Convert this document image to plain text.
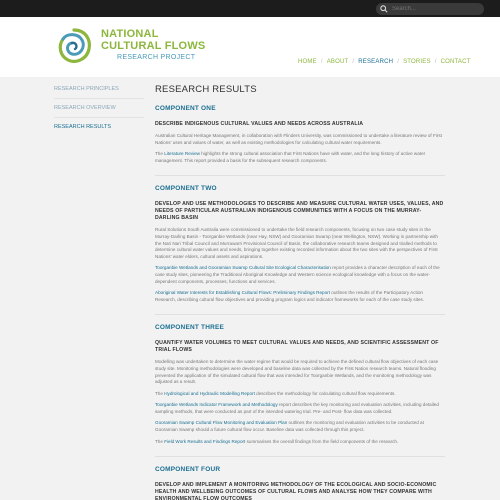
Search...
NATIONAL
CULTURAL FLOWS
RESEARCH PROJECT
HOME / ABOUT / RESEARCH / STORIES / CONTACT
RESEARCH PRINCIPLES
RESEARCH OVERVIEW
RESEARCH RESULTS
RESEARCH RESULTS
COMPONENT ONE
DESCRIBE INDIGENOUS CULTURAL VALUES AND NEEDS ACROSS AUSTRALIA

Australian Cultural Heritage Management, in collaboration with Flinders University, was commissioned to undertake a literature review of First Nations' uses and values of water, as well as existing methodologies for calculating cultural water requirements.

The Literature Review highlights the strong cultural association that First Nations have with water, and the long history of active water management. This report provided a basis for the subsequent research components.

COMPONENT TWO
DEVELOP AND USE METHODOLOGIES TO DESCRIBE AND MEASURE CULTURAL WATER USES, VALUES, AND NEEDS OF PARTICULAR AUSTRALIAN INDIGENOUS COMMUNITIES WITH A FOCUS ON THE MURRAY-DARLING BASIN

Rural Solutions South Australia were commissioned to undertake the field research components, focusing on two case study sites in the Murray-Darling Basin - Toorganbie Wetlands (near Hay, NSW) and Gooramian Swamp (near Wellington, NSW). Working in partnership with the Nari Nari Tribal Council and Murrawarri Provisional Council of Basin, the collaborative research teams designed and trialled methods to determine cultural water values and needs, bringing together existing recorded information about the two sites with the perspectives of First Nations' water elders, cultural assets and aspirations.

Toorganbie Wetlands and Gooramian Swamp Cultural Site Ecological Characterisation report provides a character description of each of the case study sites, pioneering the Traditional Aboriginal Knowledge and Western science ecological knowledge with a focus on the water-dependent components, processes, functions and services.

Aboriginal Water Interests for Establishing Cultural Flows: Preliminary Findings Report outlines the results of the Participatory Action Research, describing cultural flow objectives and providing program logics and indicator frameworks for each of the case study sites.

COMPONENT THREE
QUANTIFY WATER VOLUMES TO MEET CULTURAL VALUES AND NEEDS, AND SCIENTIFIC ASSESSMENT OF TRIAL FLOWS

Modelling was undertaken to determine the water regime that would be required to achieve the defined cultural flow objectives of each case study site. Monitoring methodologies were developed and baseline data was collected by the First Nation research teams. Natural flooding prevented the application of the simulated cultural flow that was intended for Toorganbie Wetlands, and the monitoring methodology was adjusted as a result.

The Hydrological and Hydraulic Modelling Report describes the methodology for calculating cultural flow requirements.

Toorganbie Wetlands Indicator Framework and Methodology report describes the key monitoring and evaluation activities, including detailed sampling methods, that were conducted as part of the intended watering trial. Pre- and Post- flow data was collected.

Gooramian Swamp Cultural Flow Monitoring and Evaluation Plan outlines the monitoring and evaluation activities to be conducted at Gooramian Swamp should a future cultural flow occur. Baseline data was collected through this project.

The Field Work Results and Findings Report summarises the overall findings from the field components of the research.

COMPONENT FOUR
DEVELOP AND IMPLEMENT A MONITORING METHODOLOGY OF THE ECOLOGICAL AND SOCIO-ECONOMIC HEALTH AND WELLBEING OUTCOMES OF CULTURAL FLOWS AND ANALYSE HOW THEY COMPARE WITH ENVIRONMENTAL FLOW OUTCOMES
